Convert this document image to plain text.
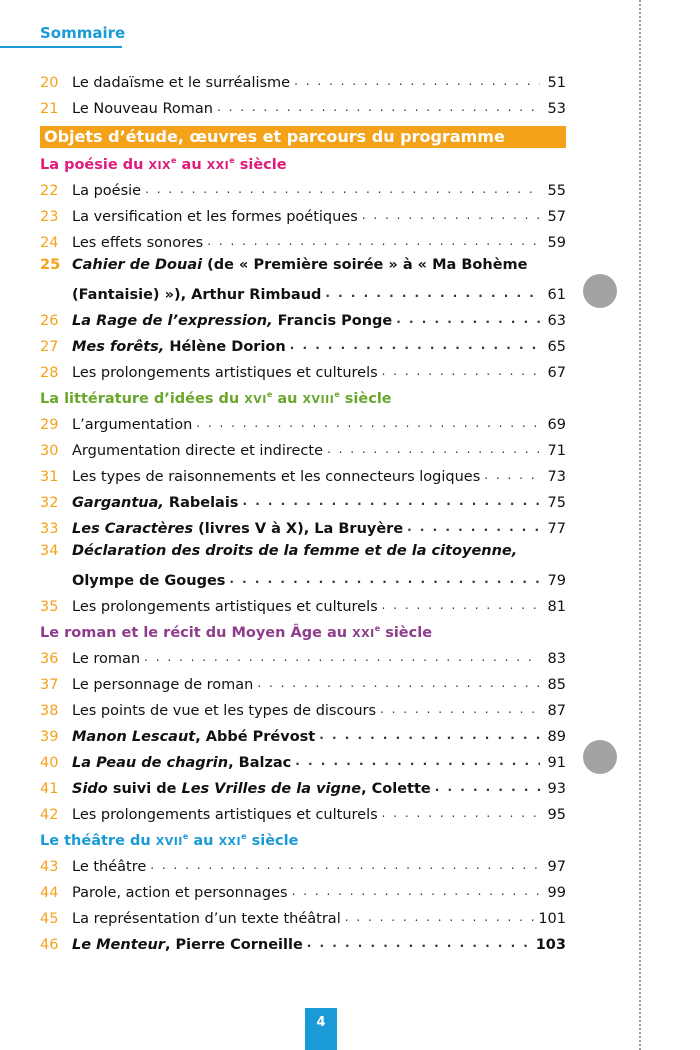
Sommaire
20 Le dadaïsme et le surréalisme . . .	51
21 Le Nouveau Roman . . .	53
Objets d’étude, œuvres et parcours du programme
La poésie du XIXe au XXIe siècle
22 La poésie . . .	55
23 La versification et les formes poétiques . . .	57
24 Les effets sonores . . .	59
25 Cahier de Douai (de « Première soirée » à « Ma Bohème
(Fantaisie) »), Arthur Rimbaud . . .	61
26 La Rage de l’expression, Francis Ponge . . .	63
27 Mes forêts, Hélène Dorion . . .	65
28 Les prolongements artistiques et culturels . . .	67
La littérature d’idées du XVIe au XVIIIe siècle
29 L’argumentation . . .	69
30 Argumentation directe et indirecte . . .	71
31 Les types de raisonnements et les connecteurs logiques . . .	73
32 Gargantua, Rabelais . . .	75
33 Les Caractères (livres V à X), La Bruyère . . .	77
34 Déclaration des droits de la femme et de la citoyenne,
Olympe de Gouges . . .	79
35 Les prolongements artistiques et culturels . . .	81
Le roman et le récit du Moyen Âge au XXIe siècle
36 Le roman . . .	83
37 Le personnage de roman . . .	85
38 Les points de vue et les types de discours . . .	87
39 Manon Lescaut, Abbé Prévost . . .	89
40 La Peau de chagrin, Balzac . . .	91
41 Sido suivi de Les Vrilles de la vigne, Colette . . .	93
42 Les prolongements artistiques et culturels . . .	95
Le théâtre du XVIIe au XXIe siècle
43 Le théâtre . . .	97
44 Parole, action et personnages . . .	99
45 La représentation d’un texte théâtral . . .	101
46 Le Menteur, Pierre Corneille . . .	103
4
